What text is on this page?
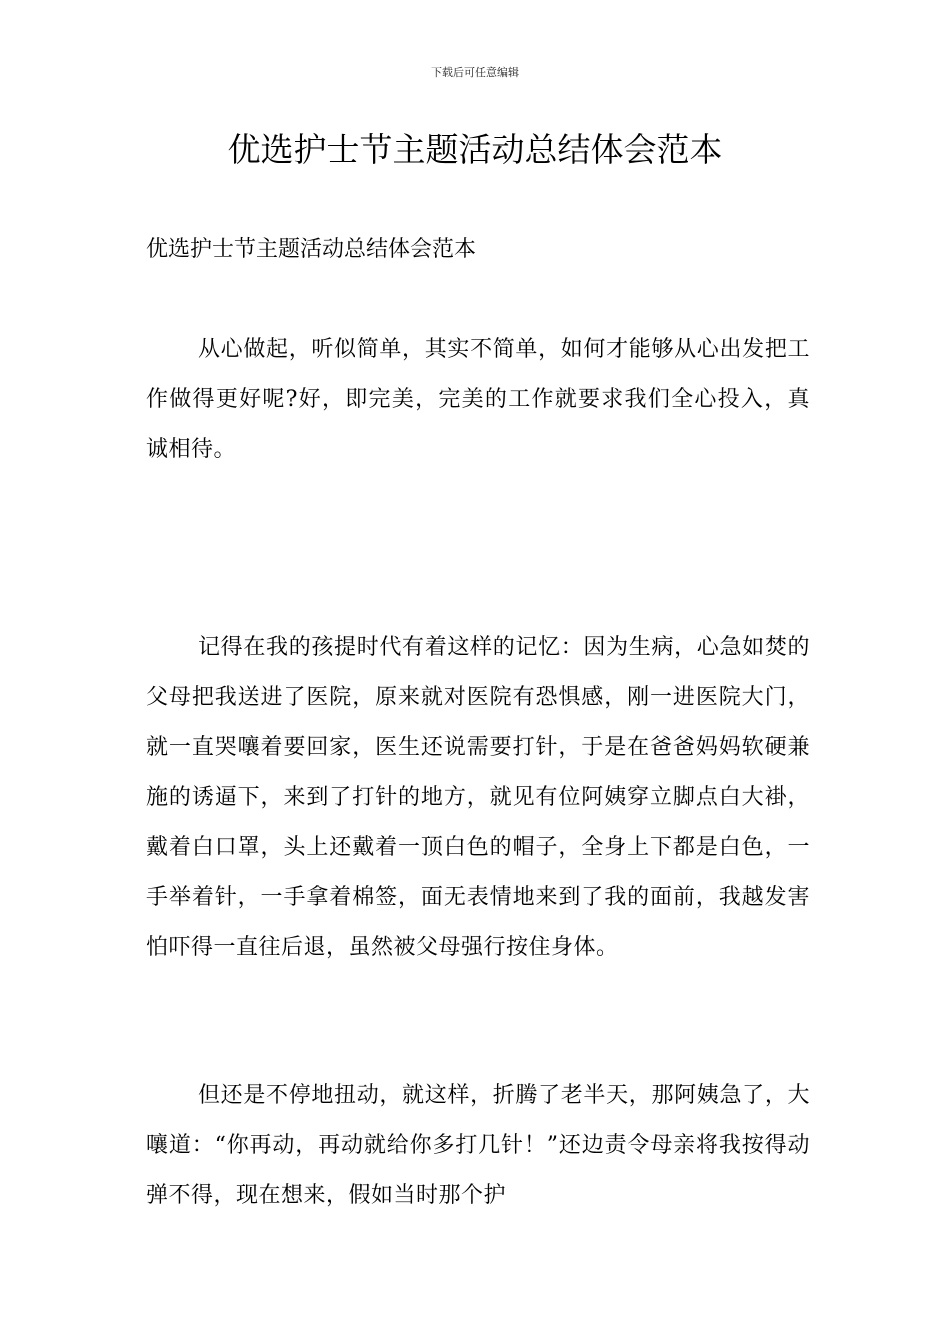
下载后可任意编辑
优选护士节主题活动总结体会范本

优选护士节主题活动总结体会范本

从心做起，听似简单，其实不简单，如何才能够从心出发把工作做得更好呢?好，即完美，完美的工作就要求我们全心投入，真诚相待。

记得在我的孩提时代有着这样的记忆：因为生病，心急如焚的父母把我送进了医院，原来就对医院有恐惧感，刚一进医院大门，就一直哭嚷着要回家，医生还说需要打针，于是在爸爸妈妈软硬兼施的诱逼下，来到了打针的地方，就见有位阿姨穿立脚点白大褂，戴着白口罩，头上还戴着一顶白色的帽子，全身上下都是白色，一手举着针，一手拿着棉签，面无表情地来到了我的面前，我越发害怕吓得一直往后退，虽然被父母强行按住身体。

但还是不停地扭动，就这样，折腾了老半天，那阿姨急了，大嚷道：“你再动，再动就给你多打几针！”还边责令母亲将我按得动弹不得，现在想来，假如当时那个护
